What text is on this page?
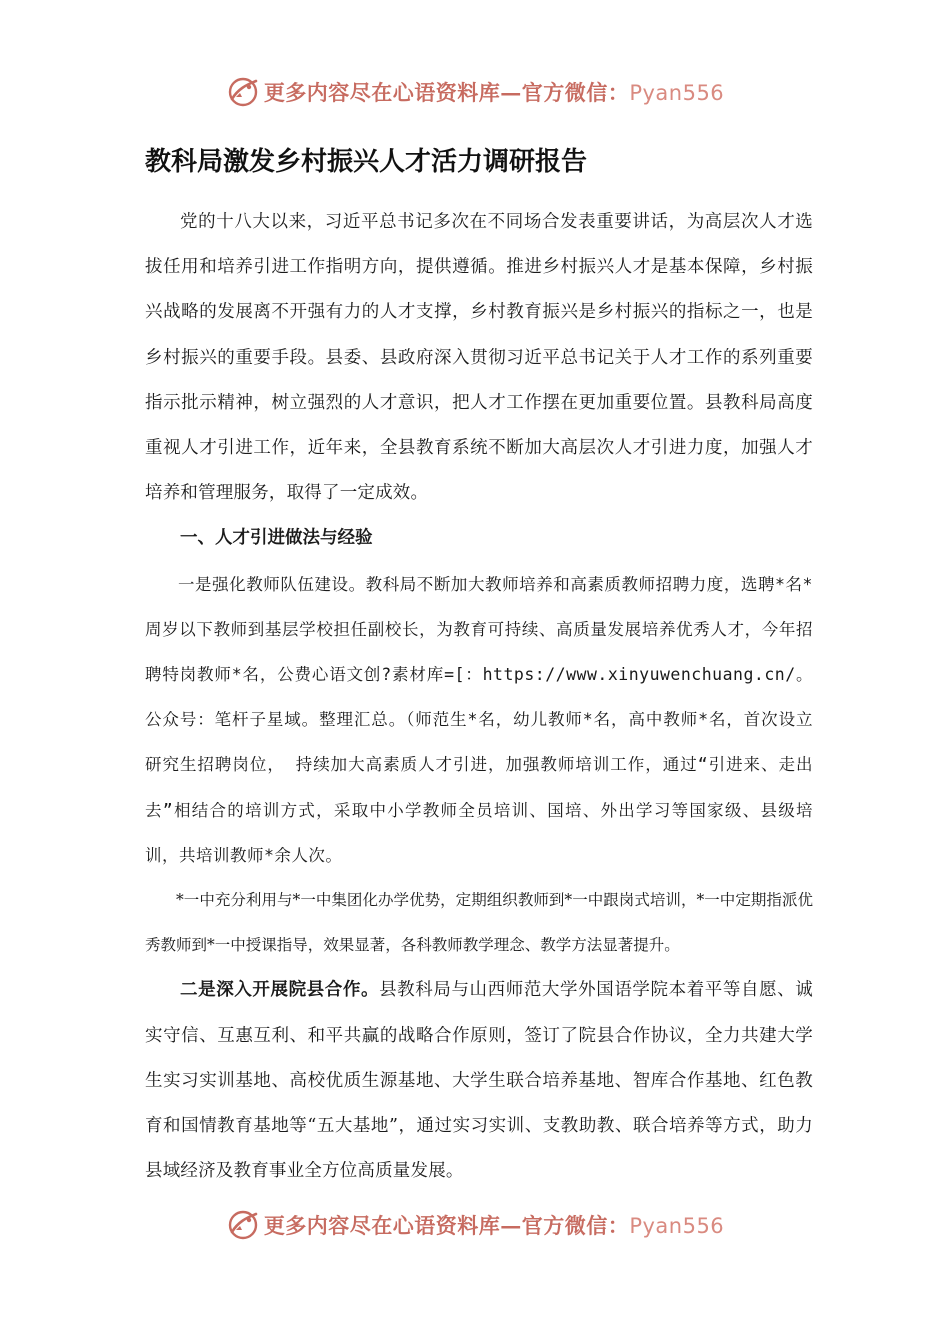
更多内容尽在心语资料库—官方微信：Pyan556
教科局激发乡村振兴人才活力调研报告

党的十八大以来，习近平总书记多次在不同场合发表重要讲话，为高层次人才选拔任用和培养引进工作指明方向，提供遵循。推进乡村振兴人才是基本保障，乡村振兴战略的发展离不开强有力的人才支撑，乡村教育振兴是乡村振兴的指标之一，也是乡村振兴的重要手段。县委、县政府深入贯彻习近平总书记关于人才工作的系列重要指示批示精神，树立强烈的人才意识，把人才工作摆在更加重要位置。县教科局高度重视人才引进工作，近年来，全县教育系统不断加大高层次人才引进力度，加强人才培养和管理服务，取得了一定成效。

一、人才引进做法与经验

一是强化教师队伍建设。教科局不断加大教师培养和高素质教师招聘力度，选聘*名* 周岁以下教师到基层学校担任副校长，为教育可持续、高质量发展培养优秀人才，今年招聘特岗教师*名，公费心语文创?素材库=[：https://www.xinyuwenchuang.cn/。公众号：笔杆子星域。整理汇总。（师范生*名，幼儿教师*名，高中教师*名，首次设立研究生招聘岗位， 持续加大高素质人才引进，加强教师培训工作，通过“引进来、走出去”相结合的培训方式，采取中小学教师全员培训、国培、外出学习等国家级、县级培训，共培训教师*余人次。

*一中充分利用与*一中集团化办学优势，定期组织教师到*一中跟岗式培训，*一中定期指派优秀教师到*一中授课指导，效果显著，各科教师教学理念、教学方法显著提升。

二是深入开展院县合作。县教科局与山西师范大学外国语学院本着平等自愿、诚实守信、互惠互利、和平共赢的战略合作原则，签订了院县合作协议，全力共建大学生实习实训基地、高校优质生源基地、大学生联合培养基地、智库合作基地、红色教育和国情教育基地等“五大基地”，通过实习实训、支教助教、联合培养等方式，助力县域经济及教育事业全方位高质量发展。

更多内容尽在心语资料库—官方微信：Pyan556
